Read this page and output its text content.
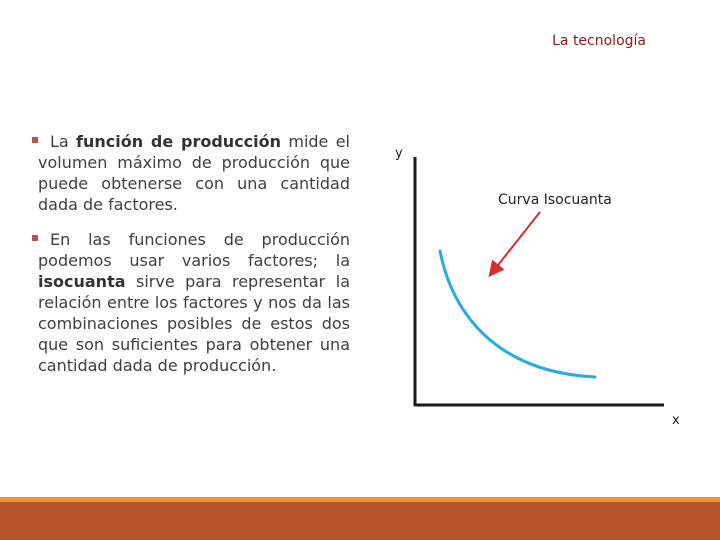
La tecnología
La función de producción mide el volumen máximo de producción que puede obtenerse con una cantidad dada de factores.
En las funciones de producción podemos usar varios factores; la isocuanta sirve para representar la relación entre los factores y nos da las combinaciones posibles de estos dos que son suficientes para obtener una cantidad dada de producción.
y
x
Curva Isocuanta
